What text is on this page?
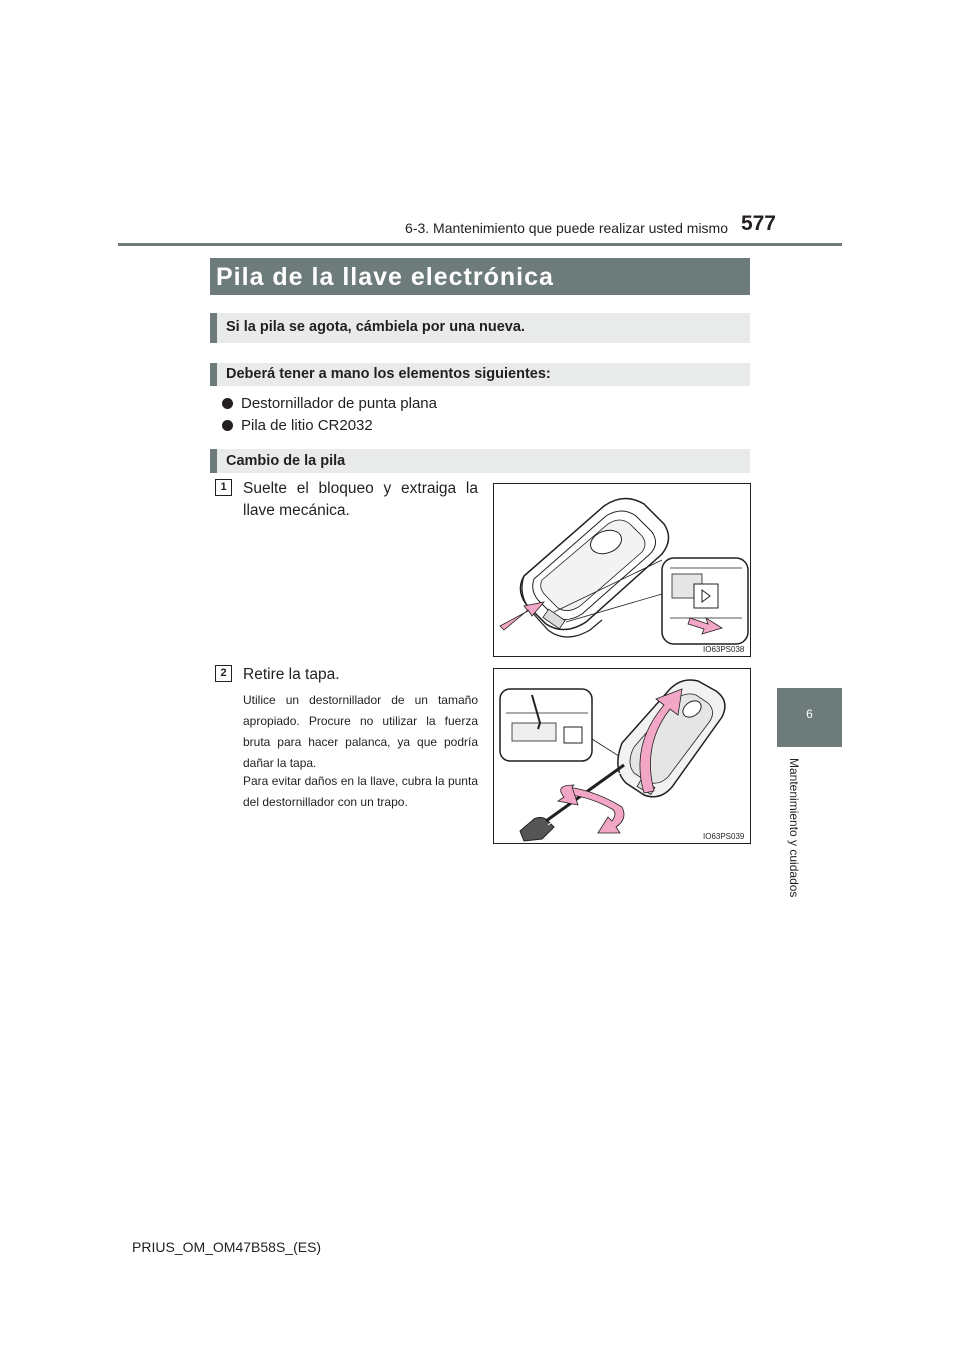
6-3. Mantenimiento que puede realizar usted mismo 577
6
Mantenimiento y cuidados
Pila de la llave electrónica
Si la pila se agota, cámbiela por una nueva.
Deberá tener a mano los elementos siguientes:
Destornillador de punta plana
Pila de litio CR2032
Cambio de la pila
1	Suelte el bloqueo y extraiga la llave mecánica.
IO63PS038
2	Retire la tapa.
Utilice un destornillador de un tamaño apropiado. Procure no utilizar la fuerza bruta para hacer palanca, ya que podría dañar la tapa.
Para evitar daños en la llave, cubra la punta del destornillador con un trapo.
IO63PS039
PRIUS_OM_OM47B58S_(ES)
